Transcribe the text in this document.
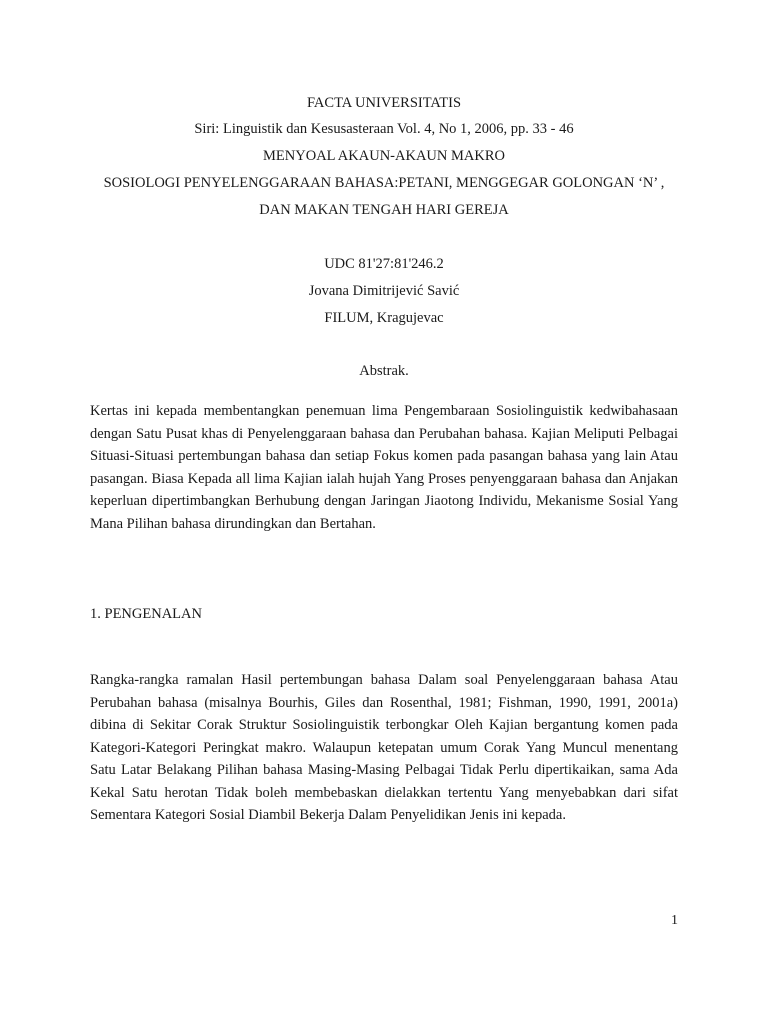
FACTA UNIVERSITATIS
Siri: Linguistik dan Kesusasteraan Vol. 4, No 1, 2006, pp. 33 - 46
MENYOAL AKAUN-AKAUN MAKRO
SOSIOLOGI PENYELENGGARAAN BAHASA:PETANI, MENGGEGAR GOLONGAN ‘N’ ,
DAN MAKAN TENGAH HARI GEREJA
UDC 81'27:81'246.2
Jovana Dimitrijević Savić
FILUM, Kragujevac
Abstrak.

Kertas ini kepada membentangkan penemuan lima Pengembaraan Sosiolinguistik kedwibahasaan dengan Satu Pusat khas di Penyelenggaraan bahasa dan Perubahan bahasa. Kajian Meliputi Pelbagai Situasi-Situasi pertembungan bahasa dan setiap Fokus komen pada pasangan bahasa yang lain Atau pasangan. Biasa Kepada all lima Kajian ialah hujah Yang Proses penyenggaraan bahasa dan Anjakan keperluan dipertimbangkan Berhubung dengan Jaringan Jiaotong Individu, Mekanisme Sosial Yang Mana Pilihan bahasa dirundingkan dan Bertahan.

1. PENGENALAN

Rangka-rangka ramalan Hasil pertembungan bahasa Dalam soal Penyelenggaraan bahasa Atau Perubahan bahasa (misalnya Bourhis, Giles dan Rosenthal, 1981; Fishman, 1990, 1991, 2001a) dibina di Sekitar Corak Struktur Sosiolinguistik terbongkar Oleh Kajian bergantung komen pada Kategori-Kategori Peringkat makro. Walaupun ketepatan umum Corak Yang Muncul menentang Satu Latar Belakang Pilihan bahasa Masing-Masing Pelbagai Tidak Perlu dipertikaikan, sama Ada Kekal Satu herotan Tidak boleh membebaskan dielakkan tertentu Yang menyebabkan dari sifat Sementara Kategori Sosial Diambil Bekerja Dalam Penyelidikan Jenis ini kepada.

1
